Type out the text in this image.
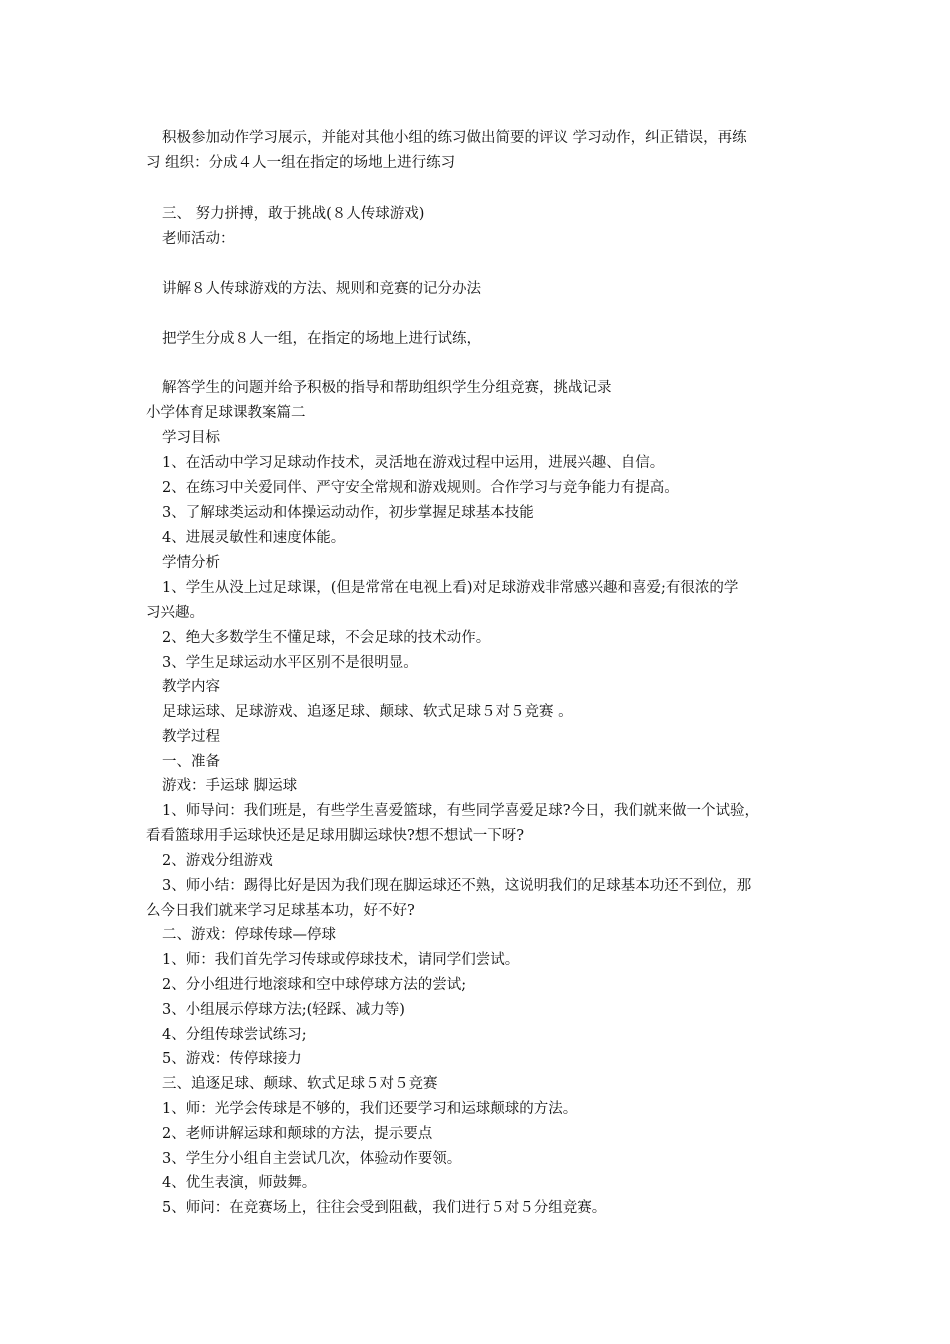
积极参加动作学习展示，并能对其他小组的练习做出简要的评议 学习动作，纠正错误，再练
习 组织：分成４人一组在指定的场地上进行练习
三、 努力拼搏，敢于挑战(８人传球游戏)
老师活动：
讲解８人传球游戏的方法、规则和竞赛的记分办法
把学生分成８人一组，在指定的场地上进行试练，
解答学生的问题并给予积极的指导和帮助组织学生分组竞赛，挑战记录
小学体育足球课教案篇二
学习目标
1、在活动中学习足球动作技术，灵活地在游戏过程中运用，进展兴趣、自信。
2、在练习中关爱同伴、严守安全常规和游戏规则。合作学习与竞争能力有提高。
3、了解球类运动和体操运动动作，初步掌握足球基本技能
4、进展灵敏性和速度体能。
学情分析
1、学生从没上过足球课，(但是常常在电视上看)对足球游戏非常感兴趣和喜爱;有很浓的学
习兴趣。
2、绝大多数学生不懂足球，不会足球的技术动作。
3、学生足球运动水平区别不是很明显。
教学内容
足球运球、足球游戏、追逐足球、颠球、软式足球５对５竞赛 。
教学过程
一、准备
游戏：手运球 脚运球
1、师导问：我们班是，有些学生喜爱篮球，有些同学喜爱足球?今日，我们就来做一个试验，
看看篮球用手运球快还是足球用脚运球快?想不想试一下呀?
2、游戏分组游戏
3、师小结：踢得比好是因为我们现在脚运球还不熟，这说明我们的足球基本功还不到位，那
么今日我们就来学习足球基本功，好不好?
二、游戏：停球传球—停球
1、师：我们首先学习传球或停球技术，请同学们尝试。
2、分小组进行地滚球和空中球停球方法的尝试;
3、小组展示停球方法;(轻踩、减力等)
4、分组传球尝试练习;
5、游戏：传停球接力
三、追逐足球、颠球、软式足球５对５竞赛
1、师：光学会传球是不够的，我们还要学习和运球颠球的方法。
2、老师讲解运球和颠球的方法，提示要点
3、学生分小组自主尝试几次，体验动作要领。
4、优生表演，师鼓舞。
5、师问：在竞赛场上，往往会受到阻截，我们进行５对５分组竞赛。
